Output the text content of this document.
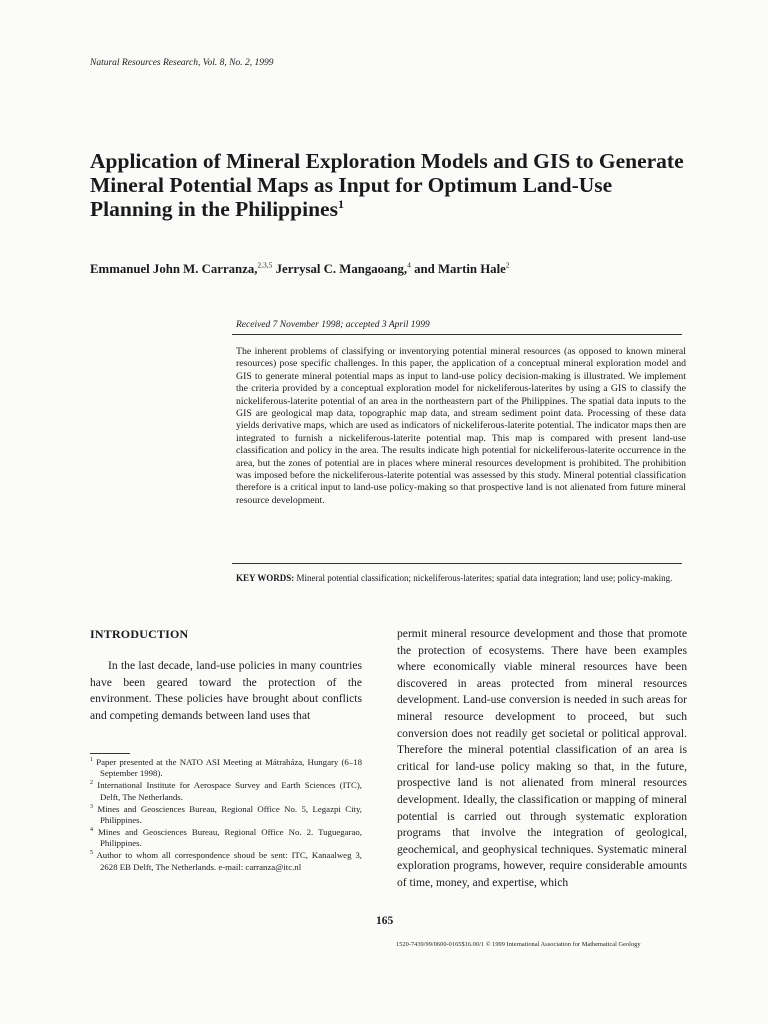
Natural Resources Research, Vol. 8, No. 2, 1999
Application of Mineral Exploration Models and GIS to Generate Mineral Potential Maps as Input for Optimum Land-Use Planning in the Philippines$^1$
Emmanuel John M. Carranza,$^{2,3,5}$ Jerrysal C. Mangaoang,$^4$ and Martin Hale$^2$
Received 7 November 1998; accepted 3 April 1999

The inherent problems of classifying or inventorying potential mineral resources (as opposed to known mineral resources) pose specific challenges. In this paper, the application of a conceptual mineral exploration model and GIS to generate mineral potential maps as input to land-use policy decision-making is illustrated. We implement the criteria provided by a conceptual exploration model for nickeliferous-laterites by using a GIS to classify the nickeliferous-laterite potential of an area in the northeastern part of the Philippines. The spatial data inputs to the GIS are geological map data, topographic map data, and stream sediment point data. Processing of these data yields derivative maps, which are used as indicators of nickeliferous-laterite potential. The indicator maps then are integrated to furnish a nickeliferous-laterite potential map. This map is compared with present land-use classification and policy in the area. The results indicate high potential for nickeliferous-laterite occurrence in the area, but the zones of potential are in places where mineral resources development is prohibited. The prohibition was imposed before the nickeliferous-laterite potential was assessed by this study. Mineral potential classification therefore is a critical input to land-use policy-making so that prospective land is not alienated from future mineral resource development.

KEY WORDS: Mineral potential classification; nickeliferous-laterites; spatial data integration; land use; policy-making.
INTRODUCTION

In the last decade, land-use policies in many countries have been geared toward the protection of the environment. These policies have brought about conflicts and competing demands between land uses that

permit mineral resource development and those that promote the protection of ecosystems. There have been examples where economically viable mineral resources have been discovered in areas protected from mineral resources development. Land-use conversion is needed in such areas for mineral resource development to proceed, but such conversion does not readily get societal or political approval. Therefore the mineral potential classification of an area is critical for land-use policy making so that, in the future, prospective land is not alienated from mineral resources development. Ideally, the classification or mapping of mineral potential is carried out through systematic exploration programs that involve the integration of geological, geochemical, and geophysical techniques. Systematic mineral exploration programs, however, require considerable amounts of time, money, and expertise, which

$^1$ Paper presented at the NATO ASI Meeting at Mátraháza, Hungary (6–18 September 1998).
$^2$ International Institute for Aerospace Survey and Earth Sciences (ITC), Delft, The Netherlands.
$^3$ Mines and Geosciences Bureau, Regional Office No. 5, Legazpi City, Philippines.
$^4$ Mines and Geosciences Bureau, Regional Office No. 2. Tuguegarao, Philippines.
$^5$ Author to whom all correspondence shoud be sent: ITC, Kanaalweg 3, 2628 EB Delft, The Netherlands. e-mail: carranza@itc.nl
165
1520-7439/99/0600-0165$16.00/1 © 1999 International Association for Mathematical Geology
